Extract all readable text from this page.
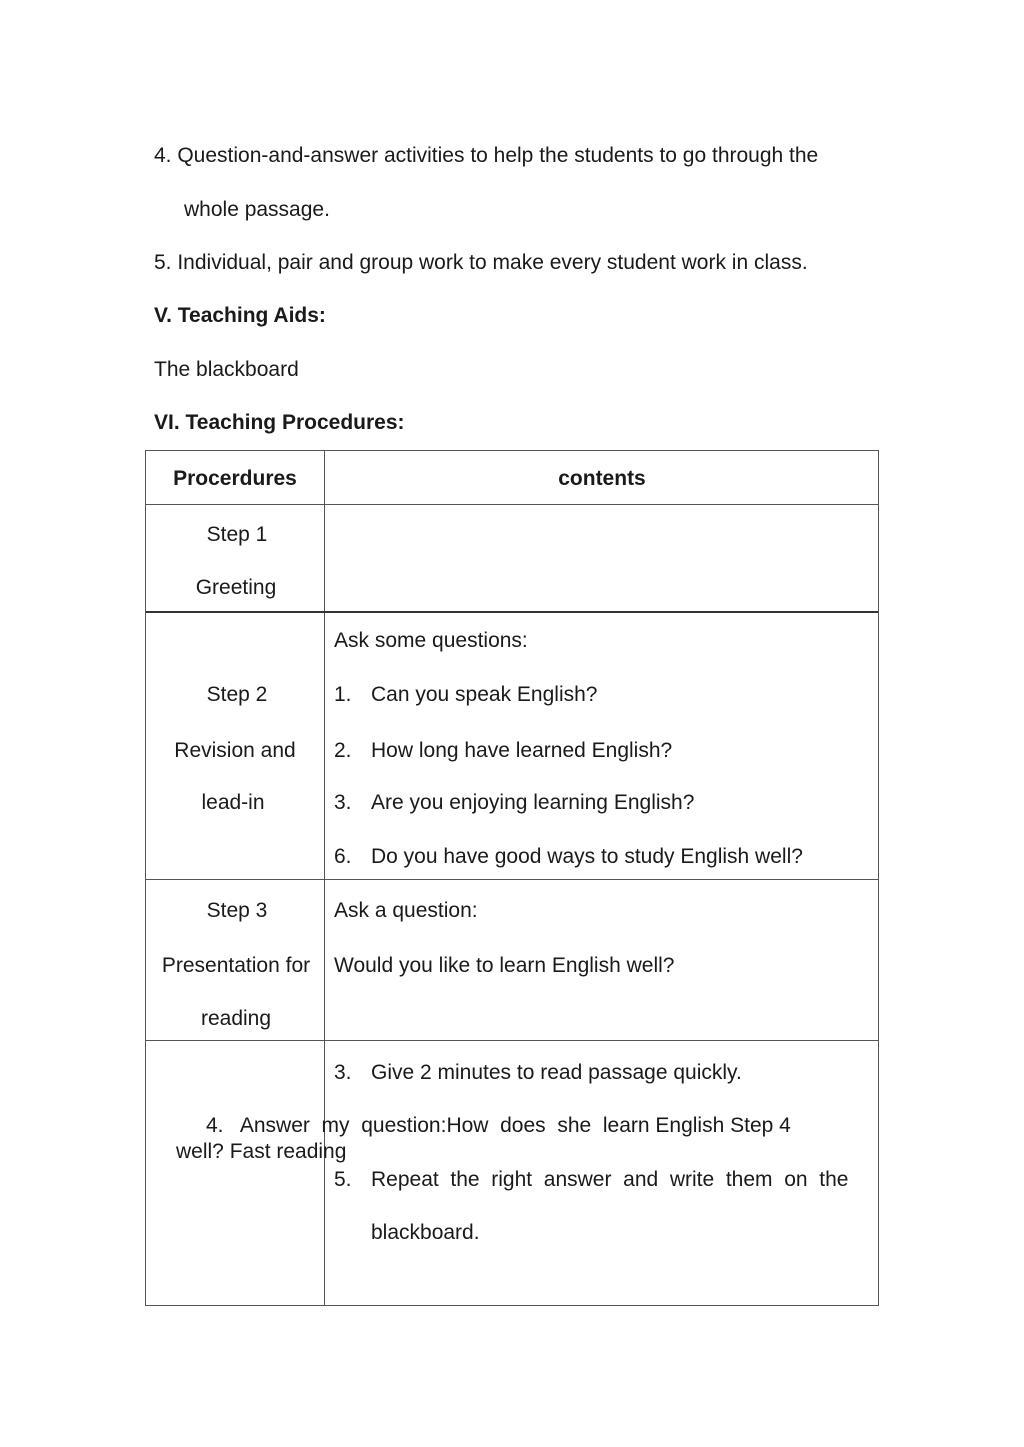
4. Question-and-answer activities to help the students to go through the
whole passage.
5. Individual, pair and group work to make every student work in class.
V. Teaching Aids:
The blackboard
VI. Teaching Procedures:
Procerdures	contents
Step 1
Greeting
Step 2
Revision and
lead-in
Ask some questions:
1. Can you speak English?
2. How long have learned English?
3. Are you enjoying learning English?
6. Do you have good ways to study English well?
Step 3
Presentation for
reading
Ask a question:
Would you like to learn English well?
3. Give 2 minutes to read passage quickly.
4.   Answer  my  question:How  does  she  learn English Step 4
well? Fast reading
5. Repeat  the  right  answer  and  write  them  on  the
blackboard.
